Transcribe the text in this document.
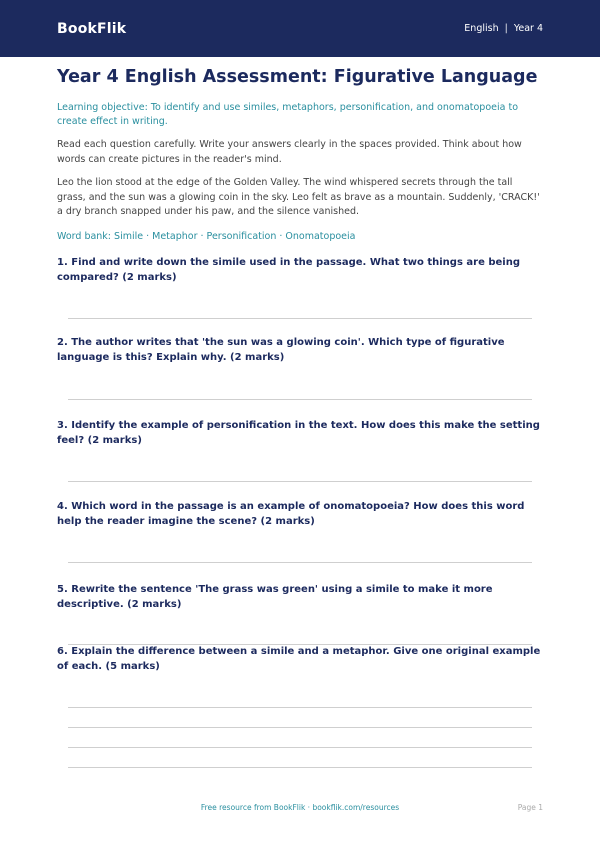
BookFlik	English | Year 4
Year 4 English Assessment: Figurative Language

Learning objective: To identify and use similes, metaphors, personification, and onomatopoeia to create effect in writing.

Read each question carefully. Write your answers clearly in the spaces provided. Think about how words can create pictures in the reader's mind.

Leo the lion stood at the edge of the Golden Valley. The wind whispered secrets through the tall grass, and the sun was a glowing coin in the sky. Leo felt as brave as a mountain. Suddenly, 'CRACK!' a dry branch snapped under his paw, and the silence vanished.

Word bank: Simile · Metaphor · Personification · Onomatopoeia

1. Find and write down the simile used in the passage. What two things are being compared? (2 marks)
2. The author writes that 'the sun was a glowing coin'. Which type of figurative language is this? Explain why. (2 marks)
3. Identify the example of personification in the text. How does this make the setting feel? (2 marks)
4. Which word in the passage is an example of onomatopoeia? How does this word help the reader imagine the scene? (2 marks)
5. Rewrite the sentence 'The grass was green' using a simile to make it more descriptive. (2 marks)
6. Explain the difference between a simile and a metaphor. Give one original example of each. (5 marks)
Free resource from BookFlik · bookflik.com/resources	Page 1
